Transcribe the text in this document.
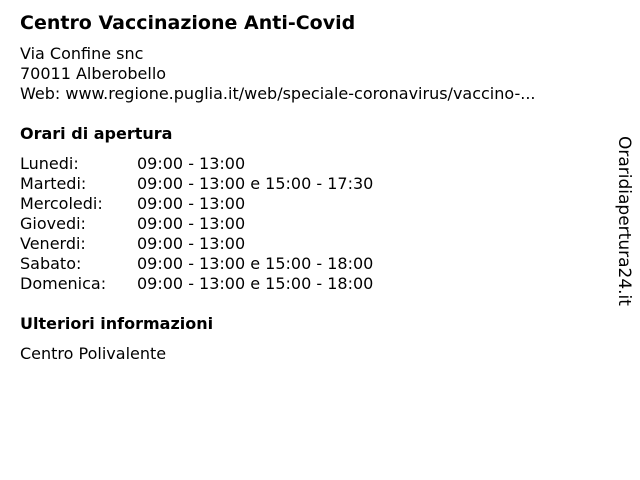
Centro Vaccinazione Anti-Covid
Via Confine snc
70011 Alberobello
Web: www.regione.puglia.it/web/speciale-coronavirus/vaccino-...
Orari di apertura
Lunedi:	09:00 - 13:00
Martedi:	09:00 - 13:00 e 15:00 - 17:30
Mercoledi:	09:00 - 13:00
Giovedi:	09:00 - 13:00
Venerdi:	09:00 - 13:00
Sabato:	09:00 - 13:00 e 15:00 - 18:00
Domenica:	09:00 - 13:00 e 15:00 - 18:00
Ulteriori informazioni
Centro Polivalente
Oraridiapertura24.it
